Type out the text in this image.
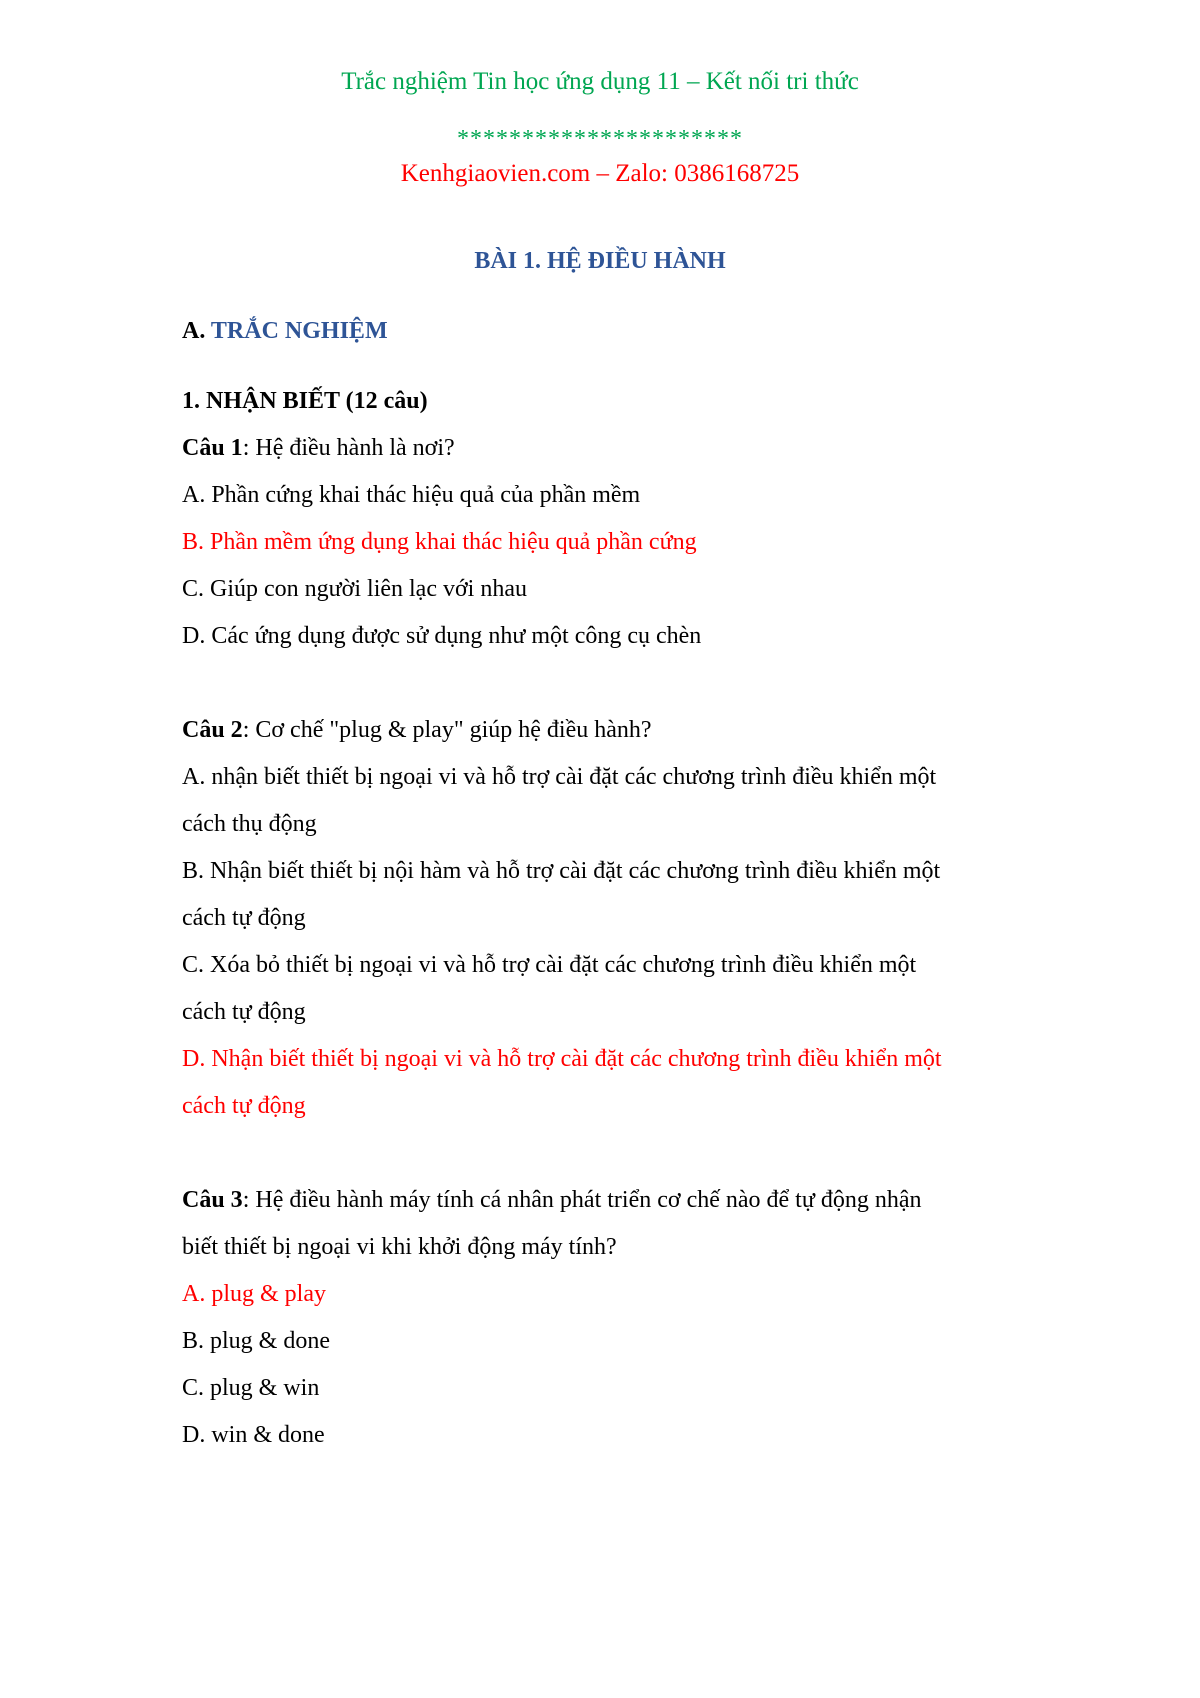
Trắc nghiệm Tin học ứng dụng 11 – Kết nối tri thức
**********************
Kenhgiaovien.com – Zalo: 0386168725
BÀI 1. HỆ ĐIỀU HÀNH
A. TRẮC NGHIỆM

1. NHẬN BIẾT (12 câu)

Câu 1: Hệ điều hành là nơi?

A. Phần cứng khai thác hiệu quả của phần mềm

B. Phần mềm ứng dụng khai thác hiệu quả phần cứng

C. Giúp con người liên lạc với nhau

D. Các ứng dụng được sử dụng như một công cụ chèn

Câu 2: Cơ chế "plug & play" giúp hệ điều hành?

A. nhận biết thiết bị ngoại vi và hỗ trợ cài đặt các chương trình điều khiển một

cách thụ động

B. Nhận biết thiết bị nội hàm và hỗ trợ cài đặt các chương trình điều khiển một

cách tự động

C. Xóa bỏ thiết bị ngoại vi và hỗ trợ cài đặt các chương trình điều khiển một

cách tự động

D. Nhận biết thiết bị ngoại vi và hỗ trợ cài đặt các chương trình điều khiển một

cách tự động

Câu 3: Hệ điều hành máy tính cá nhân phát triển cơ chế nào để tự động nhận

biết thiết bị ngoại vi khi khởi động máy tính?

A. plug & play

B. plug & done

C. plug & win

D. win & done
